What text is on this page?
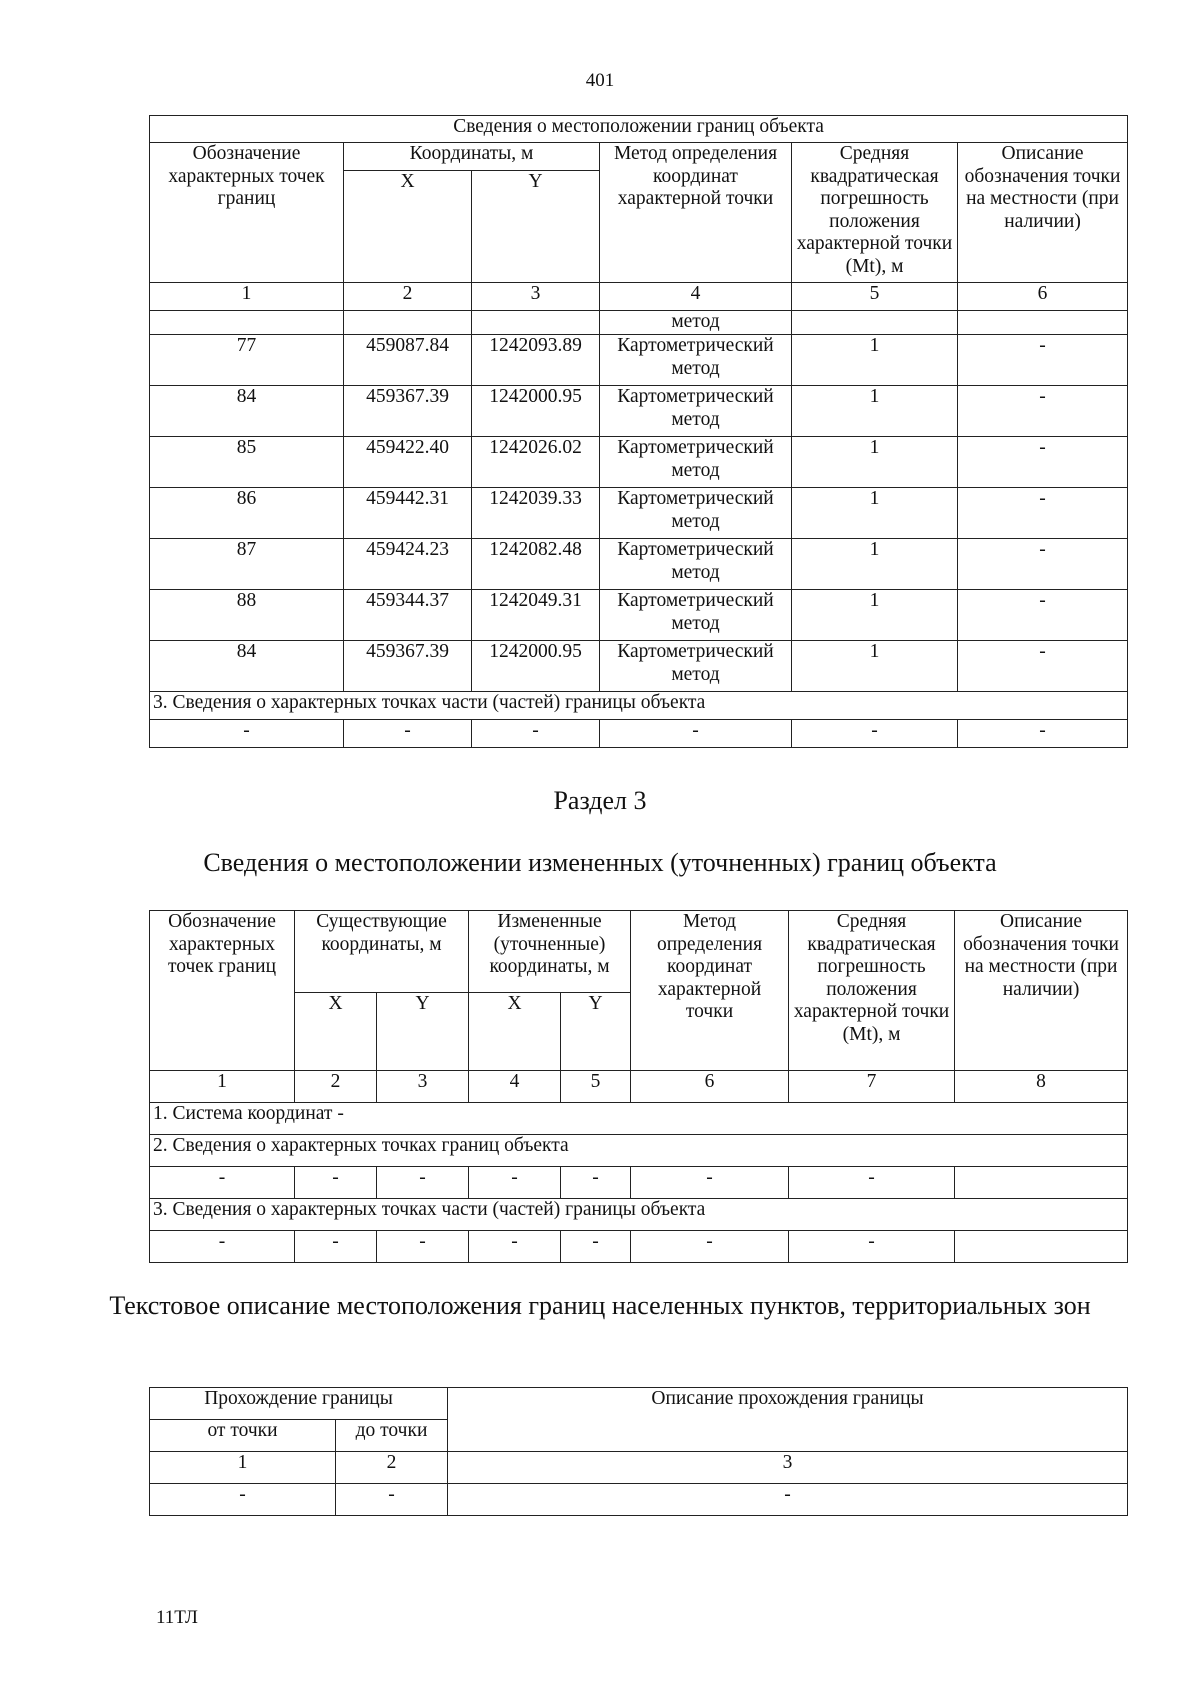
401
Сведения о местоположении границ объекта					
Обозначение характерных точек границ	Координаты, м		Метод определения координат характерной точки	Средняя квадратическая погрешность положения характерной точки (Mt), м	Описание обозначения точки на местности (при наличии)
	X	Y			
1	2	3	4	5	6
			метод		
77	459087.84	1242093.89	Картометрический метод	1	-
84	459367.39	1242000.95	Картометрический метод	1	-
85	459422.40	1242026.02	Картометрический метод	1	-
86	459442.31	1242039.33	Картометрический метод	1	-
87	459424.23	1242082.48	Картометрический метод	1	-
88	459344.37	1242049.31	Картометрический метод	1	-
84	459367.39	1242000.95	Картометрический метод	1	-
3. Сведения о характерных точках части (частей) границы объекта					
-	-	-	-	-	-
Раздел 3
Сведения о местоположении измененных (уточненных) границ объекта
Обозначение характерных точек границ	Существующие координаты, м		Измененные (уточненные) координаты, м		Метод определения координат характерной точки	Средняя квадратическая погрешность положения характерной точки (Mt), м	Описание обозначения точки на местности (при наличии)
	X	Y	X	Y			
1	2	3	4	5	6	7	8
1. Система координат -							
2. Сведения о характерных точках границ объекта							
-	-	-	-	-	-	-	
3. Сведения о характерных точках части (частей) границы объекта							
-	-	-	-	-	-	-	
Текстовое описание местоположения границ населенных пунктов, территориальных зон
Прохождение границы		Описание прохождения границы
от точки	до точки	
1	2	3
-	-	-
11ТЛ
